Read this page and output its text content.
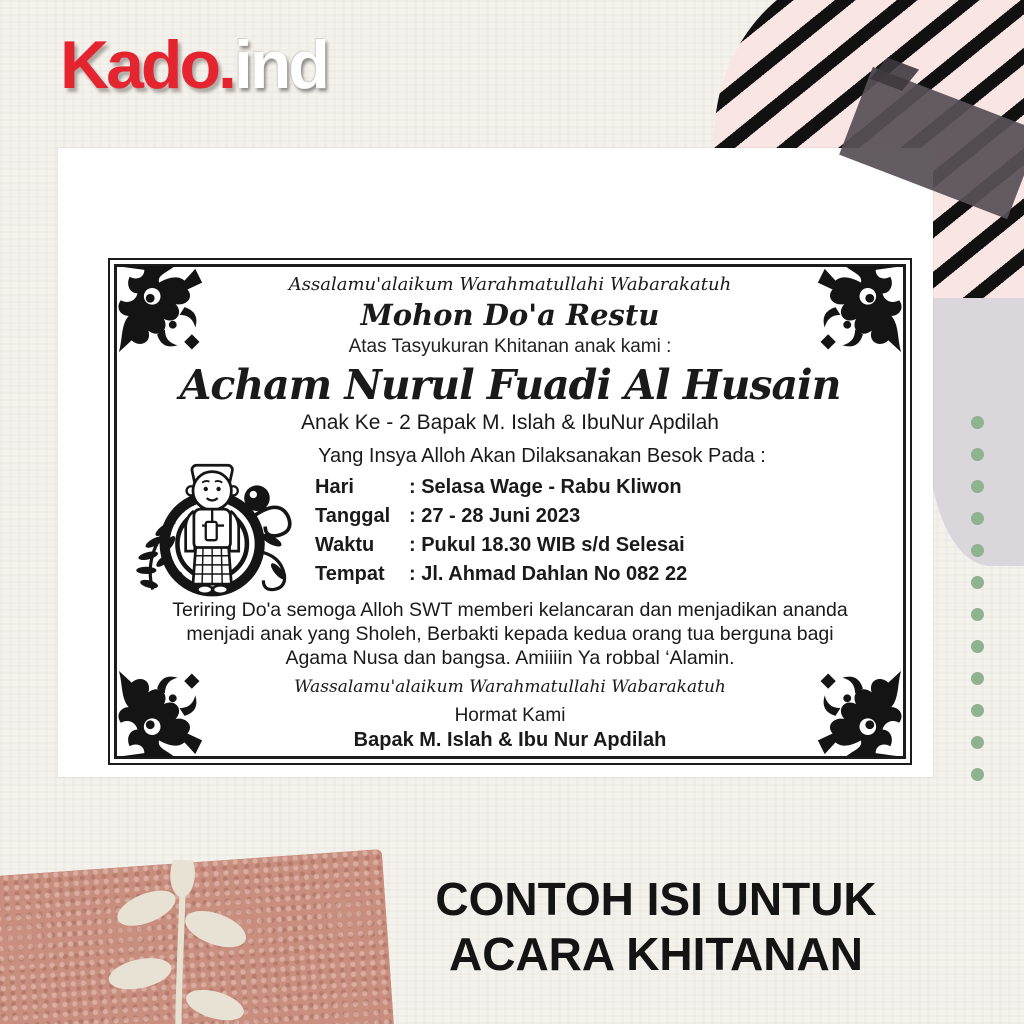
Kado.ind
Assalamu'alaikum Warahmatullahi Wabarakatuh
Mohon Do'a Restu
Atas Tasyukuran Khitanan anak kami :
Acham Nurul Fuadi Al Husain
Anak Ke - 2 Bapak M. Islah & IbuNur Apdilah
Yang Insya Alloh Akan Dilaksanakan Besok Pada :
Hari	: Selasa Wage - Rabu Kliwon
Tanggal : 27 - 28 Juni 2023
Waktu	: Pukul 18.30 WIB s/d Selesai
Tempat	: Jl. Ahmad Dahlan No 082 22
Teriring Do'a semoga Alloh SWT memberi kelancaran dan menjadikan ananda menjadi anak yang Sholeh, Berbakti kepada kedua orang tua berguna bagi Agama Nusa dan bangsa. Amiiiin Ya robbal ‘Alamin.
Wassalamu'alaikum Warahmatullahi Wabarakatuh
Hormat Kami
Bapak M. Islah & Ibu Nur Apdilah
CONTOH ISI UNTUK
ACARA KHITANAN
